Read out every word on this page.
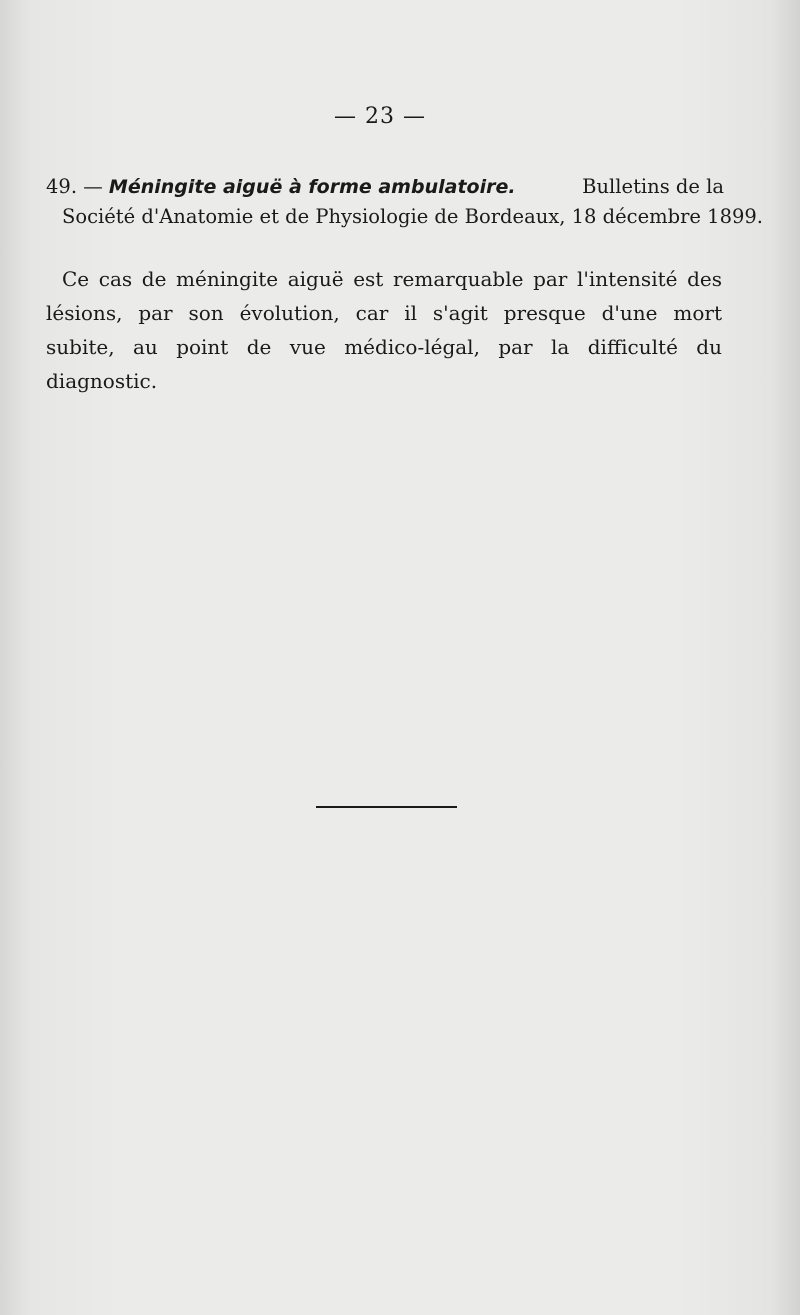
— 23 —
49. — Méningite aiguë à forme ambulatoire.	Bulletins de la
Société d'Anatomie et de Physiologie de Bordeaux, 18 décembre 1899.
Ce cas de méningite aiguë est remarquable par l'intensité des
lésions, par son évolution, car il s'agit presque d'une mort
subite, au point de vue médico-légal, par la difficulté du
diagnostic.
